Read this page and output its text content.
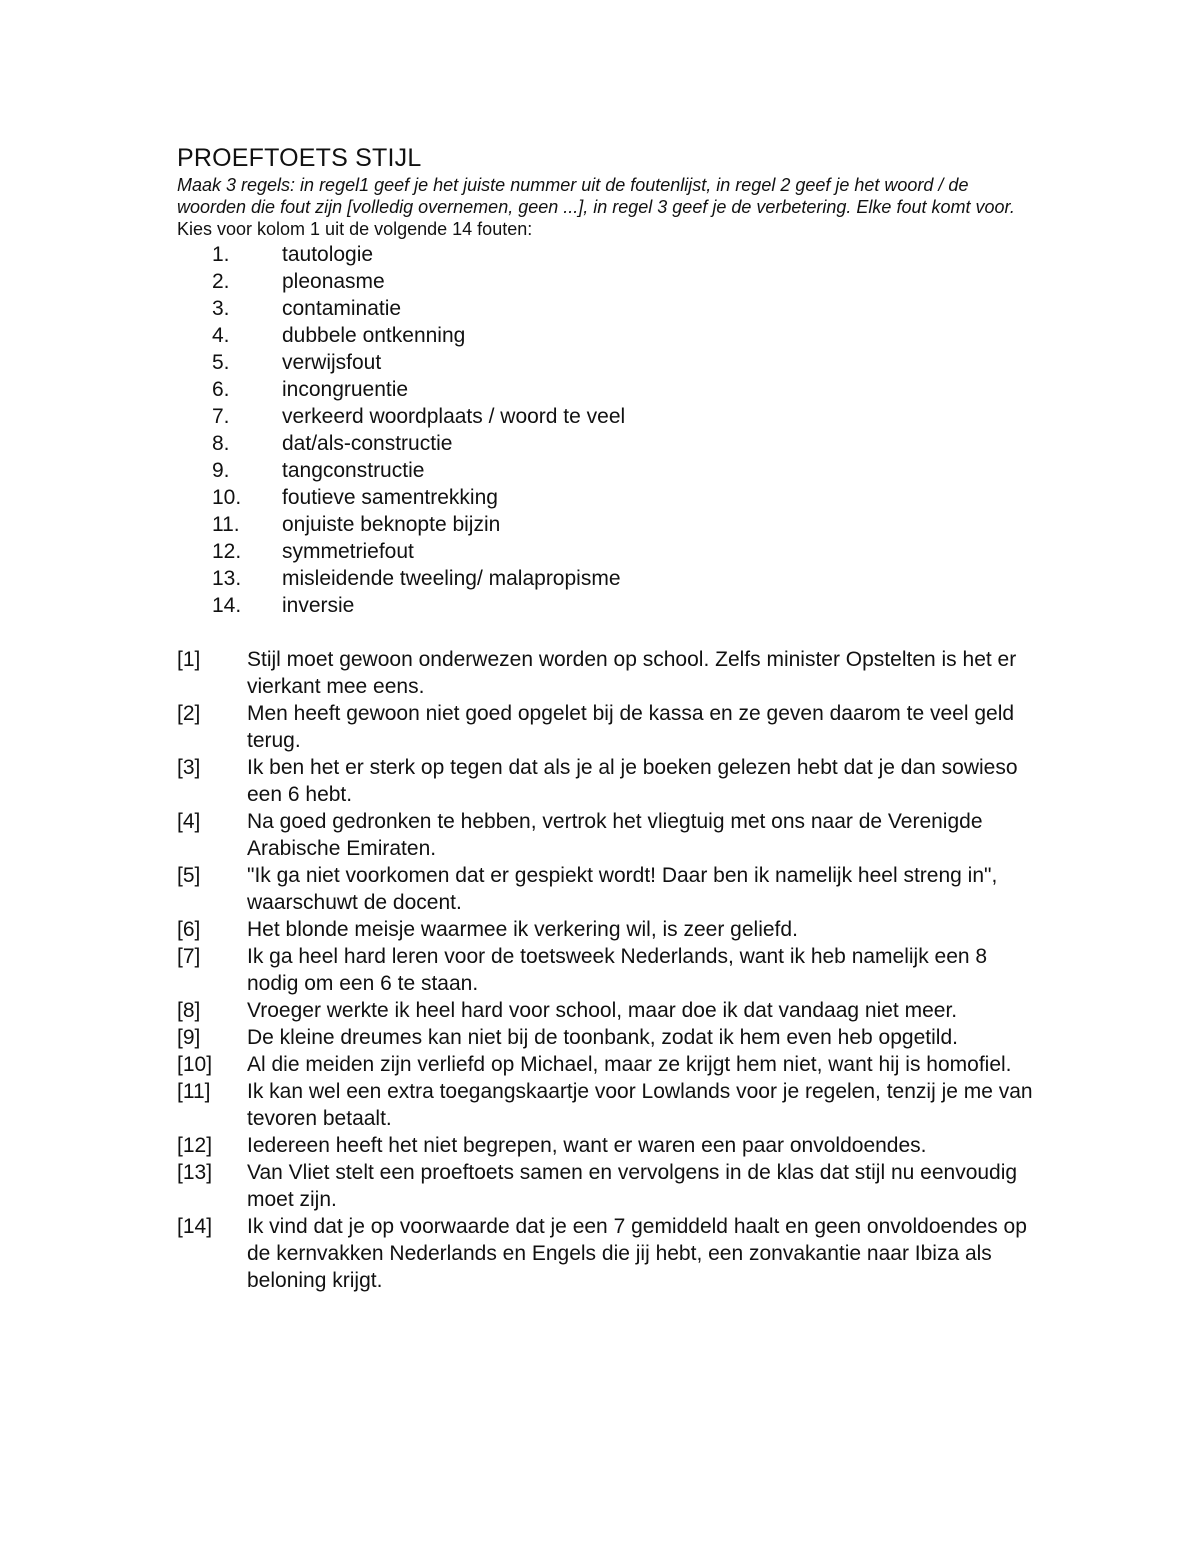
PROEFTOETS STIJL

Maak 3 regels: in regel1 geef je het juiste nummer uit de foutenlijst, in regel 2 geef je het woord / de woorden die fout zijn [volledig overnemen, geen ...], in regel 3 geef je de verbetering. Elke fout komt voor.

Kies voor kolom 1 uit de volgende 14 fouten:

1.	tautologie
2.	pleonasme
3.	contaminatie
4.	dubbele ontkenning
5.	verwijsfout
6.	incongruentie
7.	verkeerd woordplaats / woord te veel
8.	dat/als-constructie
9.	tangconstructie
10.	foutieve samentrekking
11.	onjuiste beknopte bijzin
12.	symmetriefout
13.	misleidende tweeling/ malapropisme
14.	inversie
[1]	Stijl moet gewoon onderwezen worden op school. Zelfs minister Opstelten is het er vierkant mee eens.
[2]	Men heeft gewoon niet goed opgelet bij de kassa en ze geven daarom te veel geld terug.
[3]	Ik ben het er sterk op tegen dat als je al je boeken gelezen hebt dat je dan sowieso een 6 hebt.
[4]	Na goed gedronken te hebben, vertrok het vliegtuig met ons naar de Verenigde Arabische Emiraten.
[5]	"Ik ga niet voorkomen dat er gespiekt wordt! Daar ben ik namelijk heel streng in", waarschuwt de docent.
[6]	Het blonde meisje waarmee ik verkering wil, is zeer geliefd.
[7]	Ik ga heel hard leren voor de toetsweek Nederlands, want ik heb namelijk een 8 nodig om een 6 te staan.
[8]	Vroeger werkte ik heel hard voor school, maar doe ik dat vandaag niet meer.
[9]	De kleine dreumes kan niet bij de toonbank, zodat ik hem even heb opgetild.
[10]	Al die meiden zijn verliefd op Michael, maar ze krijgt hem niet, want hij is homofiel.
[11]	Ik kan wel een extra toegangskaartje voor Lowlands voor je regelen, tenzij je me van tevoren betaalt.
[12]	Iedereen heeft het niet begrepen, want er waren een paar onvoldoendes.
[13]	Van Vliet stelt een proeftoets samen en vervolgens in de klas dat stijl nu eenvoudig moet zijn.
[14]	Ik vind dat je op voorwaarde dat je een 7 gemiddeld haalt en geen onvoldoendes op de kernvakken Nederlands en Engels die jij hebt, een zonvakantie naar Ibiza als beloning krijgt.
